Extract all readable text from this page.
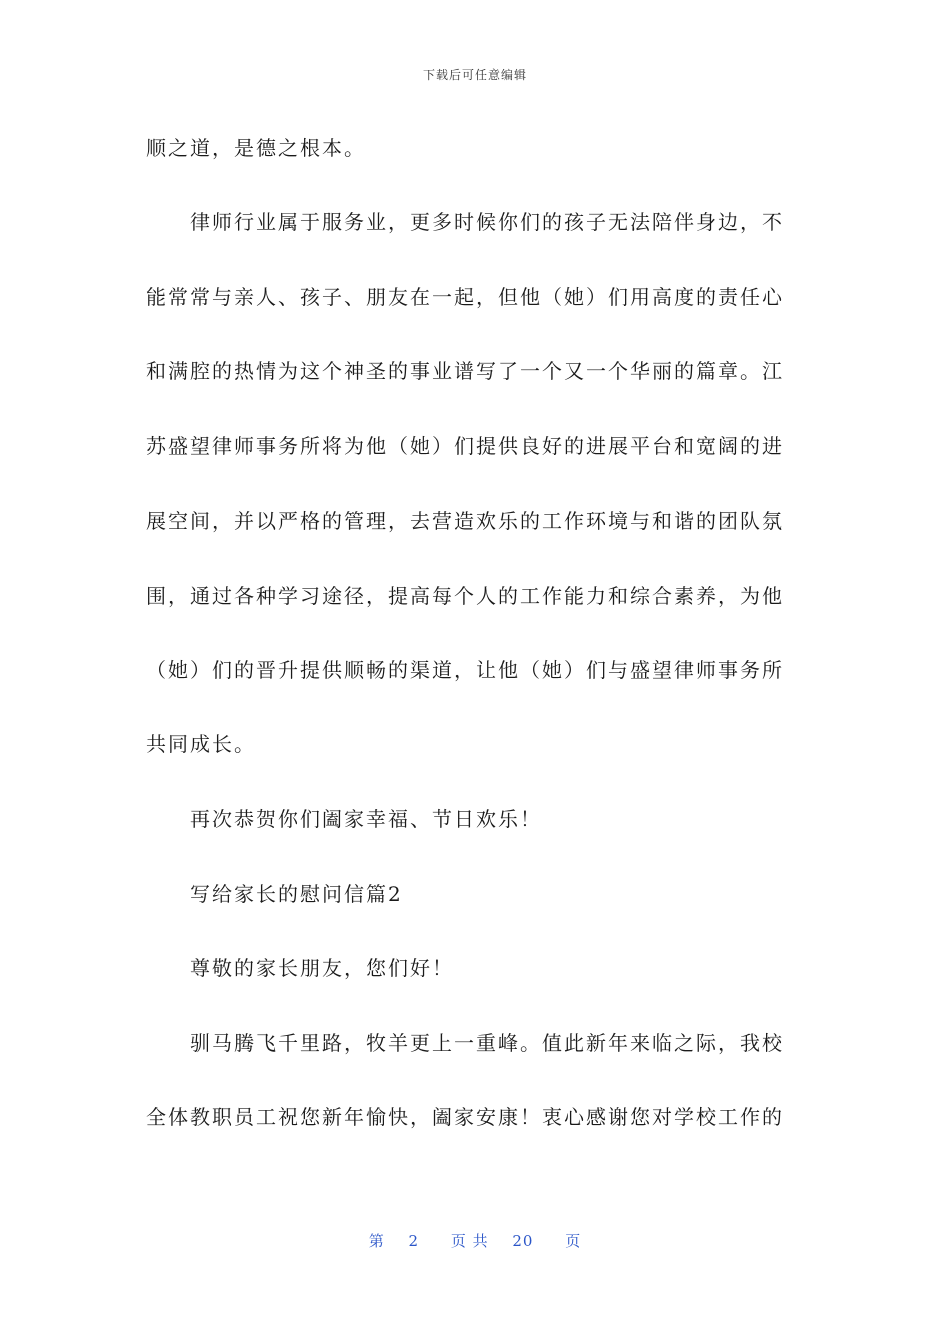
下载后可任意编辑
顺之道，是德之根本。
律师行业属于服务业，更多时候你们的孩子无法陪伴身边，不
能常常与亲人、孩子、朋友在一起，但他（她）们用高度的责任心
和满腔的热情为这个神圣的事业谱写了一个又一个华丽的篇章。江
苏盛望律师事务所将为他（她）们提供良好的进展平台和宽阔的进
展空间，并以严格的管理，去营造欢乐的工作环境与和谐的团队氛
围，通过各种学习途径，提高每个人的工作能力和综合素养，为他
（她）们的晋升提供顺畅的渠道，让他（她）们与盛望律师事务所
共同成长。
再次恭贺你们阖家幸福、节日欢乐！
写给家长的慰问信篇2
尊敬的家长朋友，您们好！
驯马腾飞千里路，牧羊更上一重峰。值此新年来临之际，我校
全体教职员工祝您新年愉快，阖家安康！衷心感谢您对学校工作的
第 2 页 共 20 页
